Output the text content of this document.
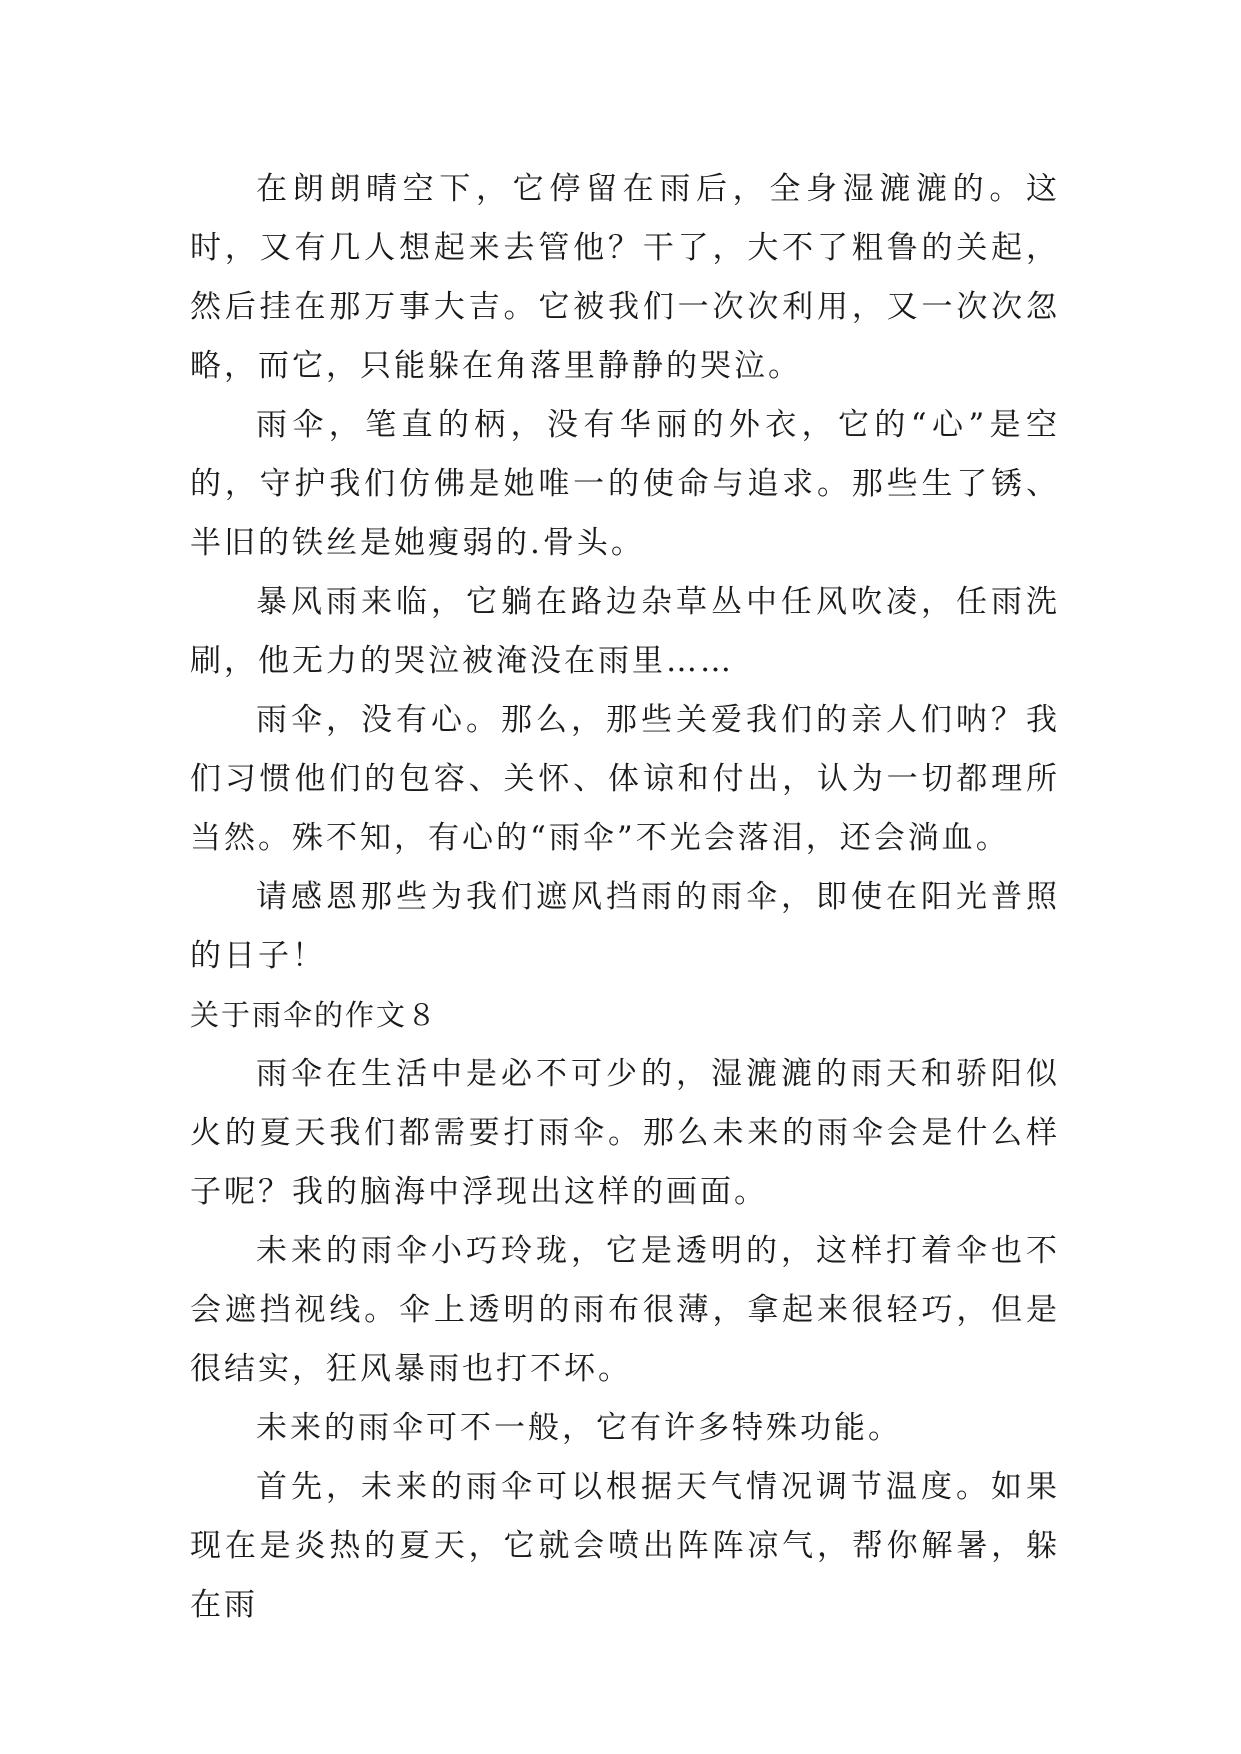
在朗朗晴空下，它停留在雨后，全身湿漉漉的。这时，又有几人想起来去管他？干了，大不了粗鲁的关起，然后挂在那万事大吉。它被我们一次次利用，又一次次忽略，而它，只能躲在角落里静静的哭泣。

雨伞，笔直的柄，没有华丽的外衣，它的“心”是空的，守护我们仿佛是她唯一的使命与追求。那些生了锈、半旧的铁丝是她瘦弱的.骨头。

暴风雨来临，它躺在路边杂草丛中任风吹凌，任雨洗刷，他无力的哭泣被淹没在雨里……

雨伞，没有心。那么，那些关爱我们的亲人们呐？我们习惯他们的包容、关怀、体谅和付出，认为一切都理所当然。殊不知，有心的“雨伞”不光会落泪，还会淌血。

请感恩那些为我们遮风挡雨的雨伞，即使在阳光普照的日子！

关于雨伞的作文８

雨伞在生活中是必不可少的，湿漉漉的雨天和骄阳似火的夏天我们都需要打雨伞。那么未来的雨伞会是什么样子呢？我的脑海中浮现出这样的画面。

未来的雨伞小巧玲珑，它是透明的，这样打着伞也不会遮挡视线。伞上透明的雨布很薄，拿起来很轻巧，但是很结实，狂风暴雨也打不坏。

未来的雨伞可不一般，它有许多特殊功能。

首先，未来的雨伞可以根据天气情况调节温度。如果现在是炎热的夏天，它就会喷出阵阵凉气，帮你解暑，躲在雨
